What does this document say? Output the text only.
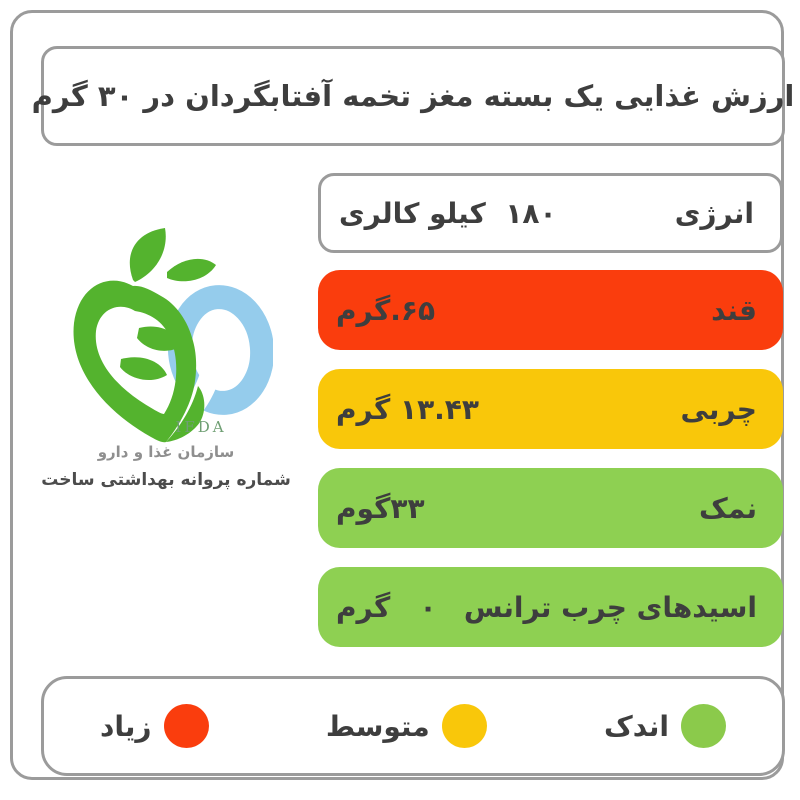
ارزش غذایی یک بسته مغز تخمه آفتابگردان در ۳۰ گرم
IFDA
سازمان غذا و دارو
شماره پروانه بهداشتی ساخت
انرژی
۱۸۰  کیلو کالری
قند
۶۵.گرم
چربی
۱۳.۴۳ گرم
نمک
۳۳گوم
اسیدهای چرب ترانس
۰   گرم
اندک
متوسط
زیاد
